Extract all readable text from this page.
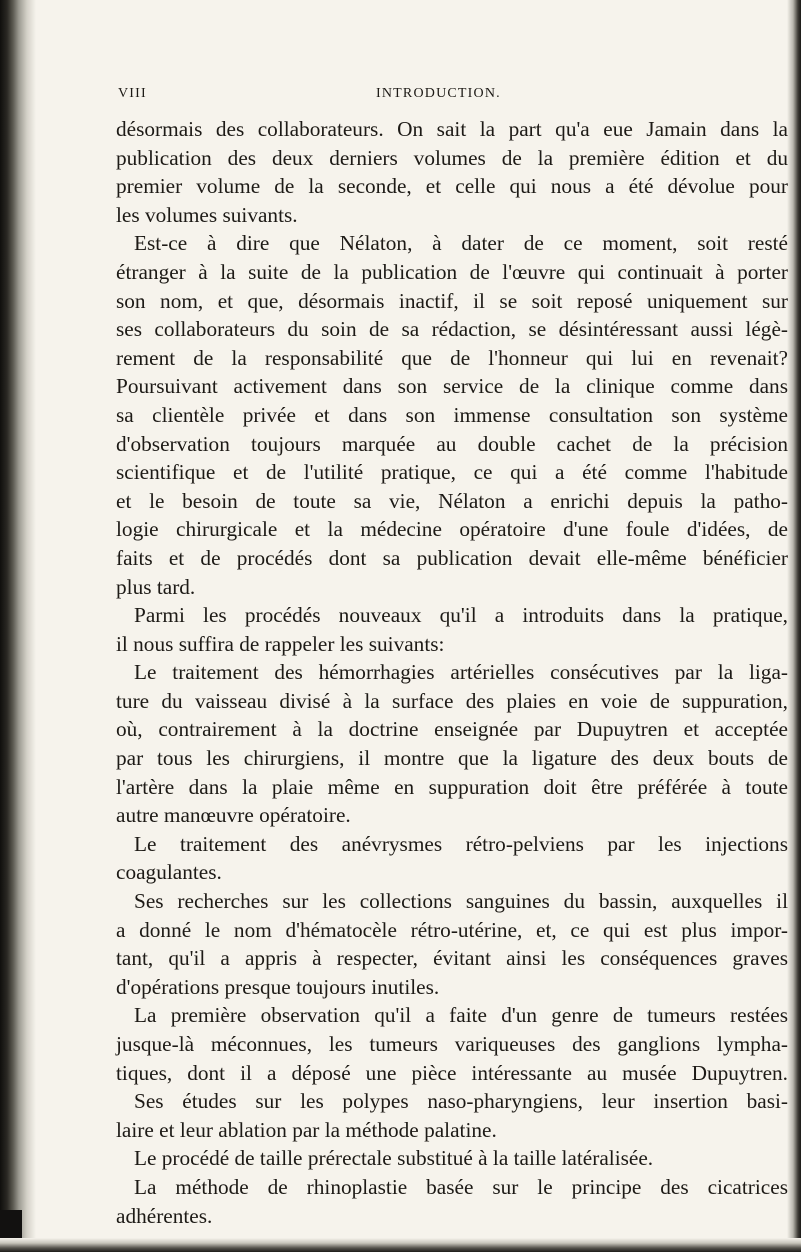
VIII	INTRODUCTION.
désormais des collaborateurs. On sait la part qu'a eue Jamain dans la
publication des deux derniers volumes de la première édition et du
premier volume de la seconde, et celle qui nous a été dévolue pour
les volumes suivants.
Est-ce à dire que Nélaton, à dater de ce moment, soit resté
étranger à la suite de la publication de l'œuvre qui continuait à porter
son nom, et que, désormais inactif, il se soit reposé uniquement sur
ses collaborateurs du soin de sa rédaction, se désintéressant aussi légè-
rement de la responsabilité que de l'honneur qui lui en revenait?
Poursuivant activement dans son service de la clinique comme dans
sa clientèle privée et dans son immense consultation son système
d'observation toujours marquée au double cachet de la précision
scientifique et de l'utilité pratique, ce qui a été comme l'habitude
et le besoin de toute sa vie, Nélaton a enrichi depuis la patho-
logie chirurgicale et la médecine opératoire d'une foule d'idées, de
faits et de procédés dont sa publication devait elle-même bénéficier
plus tard.
Parmi les procédés nouveaux qu'il a introduits dans la pratique,
il nous suffira de rappeler les suivants:
Le traitement des hémorrhagies artérielles consécutives par la liga-
ture du vaisseau divisé à la surface des plaies en voie de suppuration,
où, contrairement à la doctrine enseignée par Dupuytren et acceptée
par tous les chirurgiens, il montre que la ligature des deux bouts de
l'artère dans la plaie même en suppuration doit être préférée à toute
autre manœuvre opératoire.
Le traitement des anévrysmes rétro-pelviens par les injections
coagulantes.
Ses recherches sur les collections sanguines du bassin, auxquelles il
a donné le nom d'hématocèle rétro-utérine, et, ce qui est plus impor-
tant, qu'il a appris à respecter, évitant ainsi les conséquences graves
d'opérations presque toujours inutiles.
La première observation qu'il a faite d'un genre de tumeurs restées
jusque-là méconnues, les tumeurs variqueuses des ganglions lympha-
tiques, dont il a déposé une pièce intéressante au musée Dupuytren.
Ses études sur les polypes naso-pharyngiens, leur insertion basi-
laire et leur ablation par la méthode palatine.
Le procédé de taille prérectale substitué à la taille latéralisée.
La méthode de rhinoplastie basée sur le principe des cicatrices
adhérentes.
